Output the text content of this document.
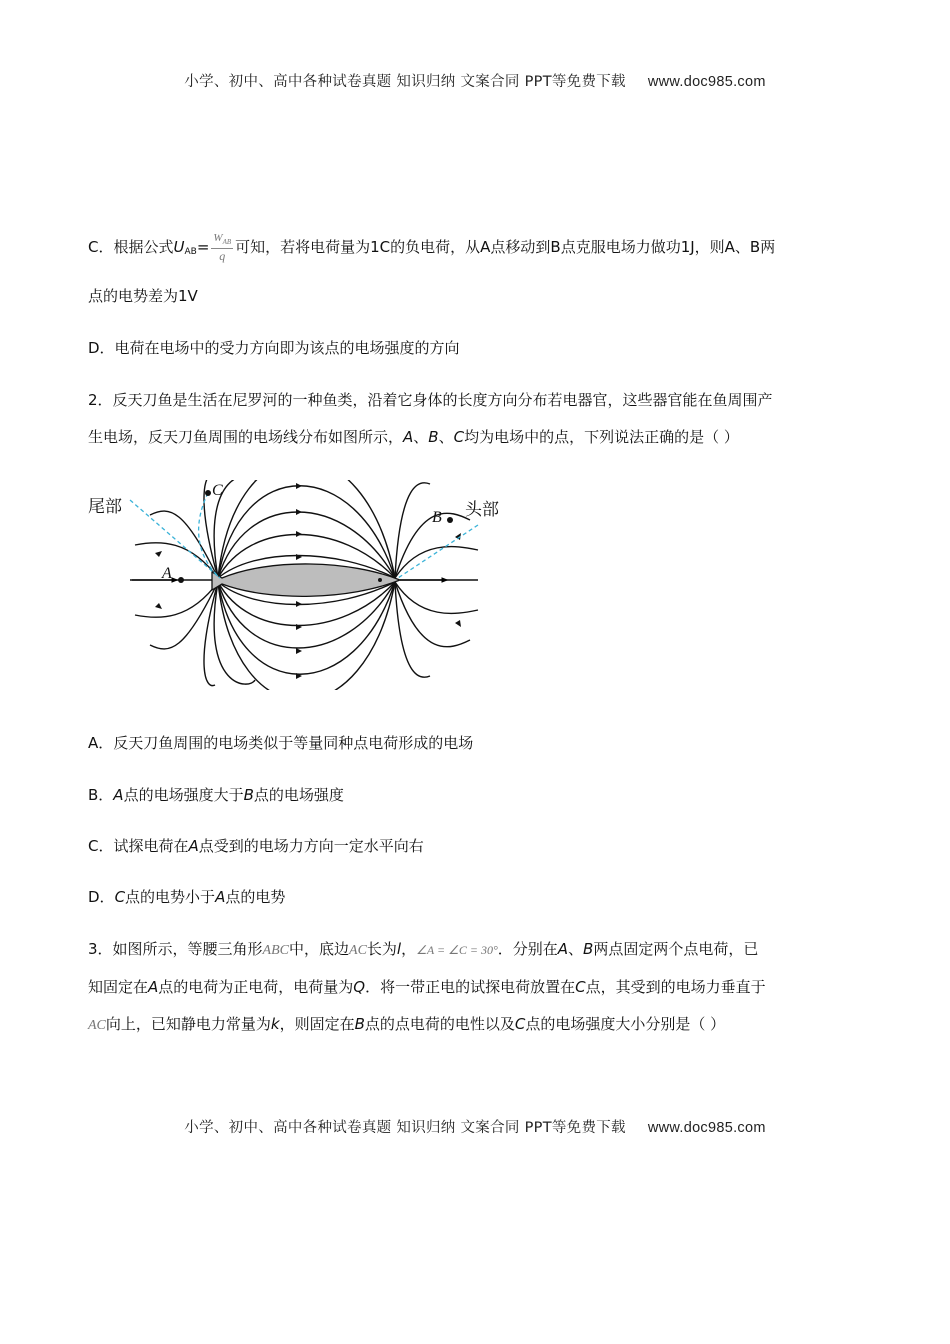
小学、初中、高中各种试卷真题 知识归纳 文案合同 PPT等免费下载 www.doc985.com
C．根据公式$U_{AB}= \frac{W_{AB}}{q}$ 可知，若将电荷量为1C的负电荷，从A点移动到B点克服电场力做功1J，则A、B两
点的电势差为1V
D．电荷在电场中的受力方向即为该点的电场强度的方向
2．反天刀鱼是生活在尼罗河的一种鱼类，沿着它身体的长度方向分布若电器官，这些器官能在鱼周围产
生电场，反天刀鱼周围的电场线分布如图所示，A、B、C均为电场中的点，下列说法正确的是（ ）
尾部	头部
A
C
B
A．反天刀鱼周围的电场类似于等量同种点电荷形成的电场
B．A点的电场强度大于B点的电场强度
C．试探电荷在A点受到的电场力方向一定水平向右
D．C点的电势小于A点的电势
3．如图所示，等腰三角形ABC中，底边AC长为l，∠A = ∠C = 30°．分别在A、B两点固定两个点电荷，已
知固定在A点的电荷为正电荷，电荷量为Q．将一带正电的试探电荷放置在C点，其受到的电场力垂直于
AC向上，已知静电力常量为k，则固定在B点的点电荷的电性以及C点的电场强度大小分别是（ ）
小学、初中、高中各种试卷真题 知识归纳 文案合同 PPT等免费下载 www.doc985.com
